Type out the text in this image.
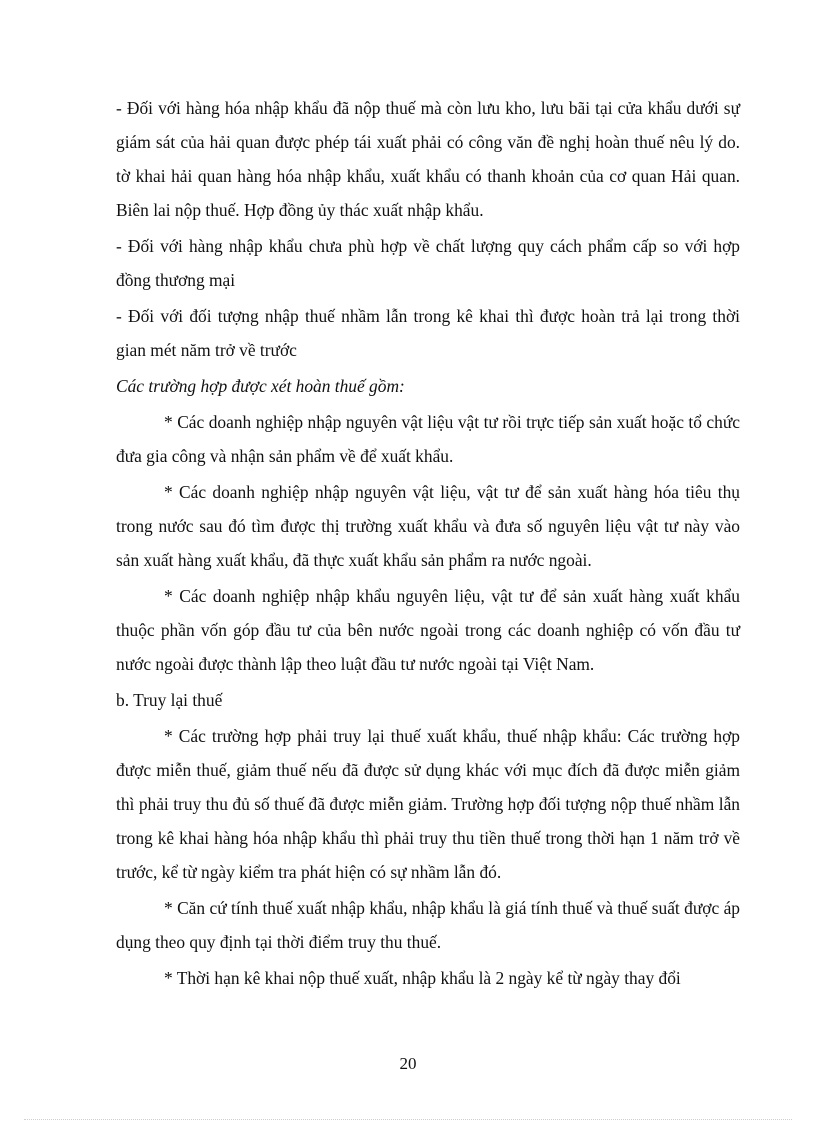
- Đối với hàng hóa nhập khẩu đã nộp thuế mà còn lưu kho, lưu bãi tại cửa khẩu dưới sự giám sát của hải quan được phép tái xuất phải có công văn đề nghị hoàn thuế nêu lý do. tờ khai hải quan hàng hóa nhập khẩu, xuất khẩu có thanh khoản của cơ quan Hải quan. Biên lai nộp thuế. Hợp đồng ủy thác xuất nhập khẩu.

- Đối với hàng nhập khẩu chưa phù hợp về chất lượng quy cách phẩm cấp so với hợp đồng thương mại

- Đối với đối tượng nhập thuế nhầm lẫn trong kê khai thì được hoàn trả lại trong thời gian mét năm trở về trước

Các trường hợp được xét hoàn thuế gồm:

* Các doanh nghiệp nhập nguyên vật liệu vật tư rồi trực tiếp sản xuất hoặc tổ chức đưa gia công và nhận sản phẩm về để xuất khẩu.

* Các doanh nghiệp nhập nguyên vật liệu, vật tư để sản xuất hàng hóa tiêu thụ trong nước sau đó tìm được thị trường xuất khẩu và đưa số nguyên liệu vật tư này vào sản xuất hàng xuất khẩu, đã thực xuất khẩu sản phẩm ra nước ngoài.

* Các doanh nghiệp nhập khẩu nguyên liệu, vật tư để sản xuất hàng xuất khẩu thuộc phần vốn góp đầu tư của bên nước ngoài trong các doanh nghiệp có vốn đầu tư nước ngoài được thành lập theo luật đầu tư nước ngoài tại Việt Nam.

b. Truy lại thuế

* Các trường hợp phải truy lại thuế xuất khẩu, thuế nhập khẩu: Các trường hợp được miễn thuế, giảm thuế nếu đã được sử dụng khác với mục đích đã được miễn giảm thì phải truy thu đủ số thuế đã được miễn giảm. Trường hợp đối tượng nộp thuế nhầm lẫn trong kê khai hàng hóa nhập khẩu thì phải truy thu tiền thuế trong thời hạn 1 năm trở về trước, kể từ ngày kiểm tra phát hiện có sự nhầm lẫn đó.

* Căn cứ tính thuế xuất nhập khẩu, nhập khẩu là giá tính thuế và thuế suất được áp dụng theo quy định tại thời điểm truy thu thuế.

* Thời hạn kê khai nộp thuế xuất, nhập khẩu là 2 ngày kể từ ngày thay đổi

20
